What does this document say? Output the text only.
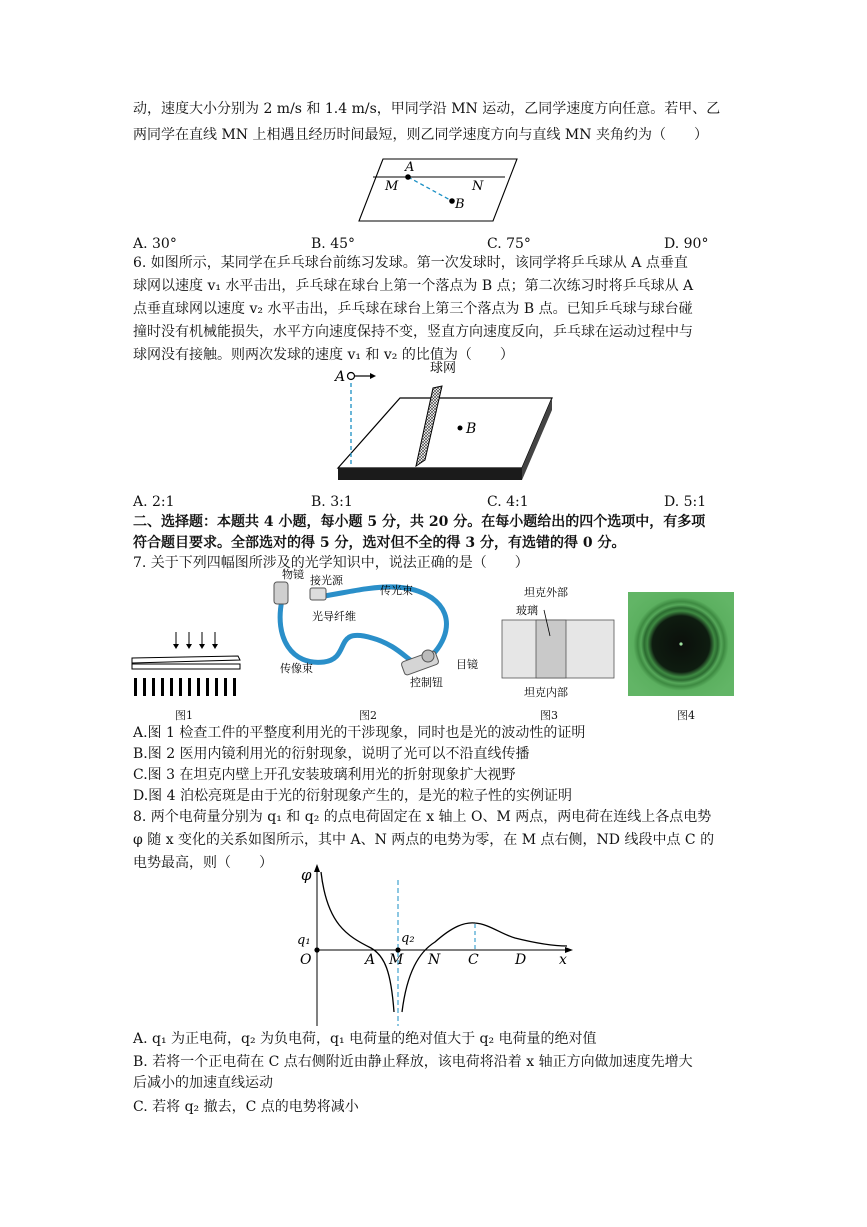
动，速度大小分别为 2 m/s 和 1.4 m/s，甲同学沿 MN 运动，乙同学速度方向任意。若甲、乙
两同学在直线 MN 上相遇且经历时间最短，则乙同学速度方向与直线 MN 夹角约为（　　）
A
M	N
B
A. 30°	B. 45°	C. 75°	D. 90°
6. 如图所示，某同学在乒乓球台前练习发球。第一次发球时，该同学将乒乓球从 A 点垂直
球网以速度 v₁ 水平击出，乒乓球在球台上第一个落点为 B 点；第二次练习时将乒乓球从 A
点垂直球网以速度 v₂ 水平击出，乒乓球在球台上第三个落点为 B 点。已知乒乓球与球台碰
撞时没有机械能损失，水平方向速度保持不变，竖直方向速度反向，乒乓球在运动过程中与
球网没有接触。则两次发球的速度 v₁ 和 v₂ 的比值为（　　）
A
球网
B
A. 2:1	B. 3:1	C. 4:1	D. 5:1
二、选择题：本题共 4 小题，每小题 5 分，共 20 分。在每小题给出的四个选项中，有多项
符合题目要求。全部选对的得 5 分，选对但不全的得 3 分，有选错的得 0 分。
7. 关于下列四幅图所涉及的光学知识中，说法正确的是（　　）
物镜 接光源
传光束
光导纤维
传像束	目镜
控制钮
坦克外部
玻璃
坦克内部
图1	图2	图3	图4
A.图 1 检查工件的平整度利用光的干涉现象，同时也是光的波动性的证明
B.图 2 医用内镜利用光的衍射现象，说明了光可以不沿直线传播
C.图 3 在坦克内壁上开孔安装玻璃利用光的折射现象扩大视野
D.图 4 泊松亮斑是由于光的衍射现象产生的，是光的粒子性的实例证明
8. 两个电荷量分别为 q₁ 和 q₂ 的点电荷固定在 x 轴上 O、M 两点，两电荷在连线上各点电势
φ 随 x 变化的关系如图所示，其中 A、N 两点的电势为零，在 M 点右侧，ND 线段中点 C 的
电势最高，则（　　）
φ
q₁	q₂
O	A M N C	D x
A. q₁ 为正电荷，q₂ 为负电荷，q₁ 电荷量的绝对值大于 q₂ 电荷量的绝对值
B. 若将一个正电荷在 C 点右侧附近由静止释放，该电荷将沿着 x 轴正方向做加速度先增大
后减小的加速直线运动
C. 若将 q₂ 撤去，C 点的电势将减小
